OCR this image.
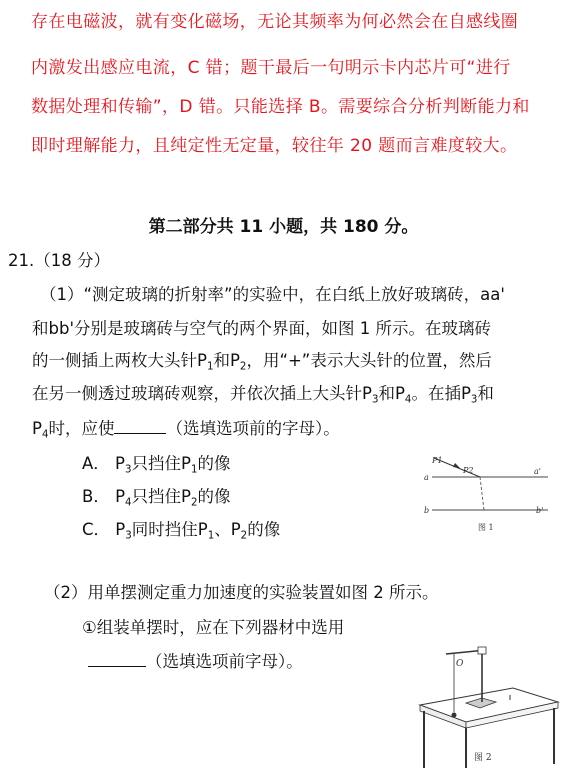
存在电磁波，就有变化磁场，无论其频率为何必然会在自感线圈
内激发出感应电流，C 错；题干最后一句明示卡内芯片可“进行
数据处理和传输”，D 错。只能选择 B。需要综合分析判断能力和
即时理解能力，且纯定性无定量，较往年 20 题而言难度较大。
第二部分共 11 小题，共 180 分。
21.（18 分）
（1）“测定玻璃的折射率”的实验中，在白纸上放好玻璃砖，aa'
和bb'分别是玻璃砖与空气的两个界面，如图 1 所示。在玻璃砖
的一侧插上两枚大头针$P_1$和$P_2$，用“+”表示大头针的位置，然后
在另一侧透过玻璃砖观察，并依次插上大头针$P_3$和$P_4$。在插$P_3$和
$P_4$时，应使	（选填选项前的字母）。
A． $P_3$只挡住$P_1$的像
B． $P_4$只挡住$P_2$的像
C． $P_3$同时挡住$P_1$、$P_2$的像
P1
P2
a
a'
b	b'
图 1
（2）用单摆测定重力加速度的实验装置如图 2 所示。
①组装单摆时，应在下列器材中选用
（选填选项前字母）。	O
图 2
